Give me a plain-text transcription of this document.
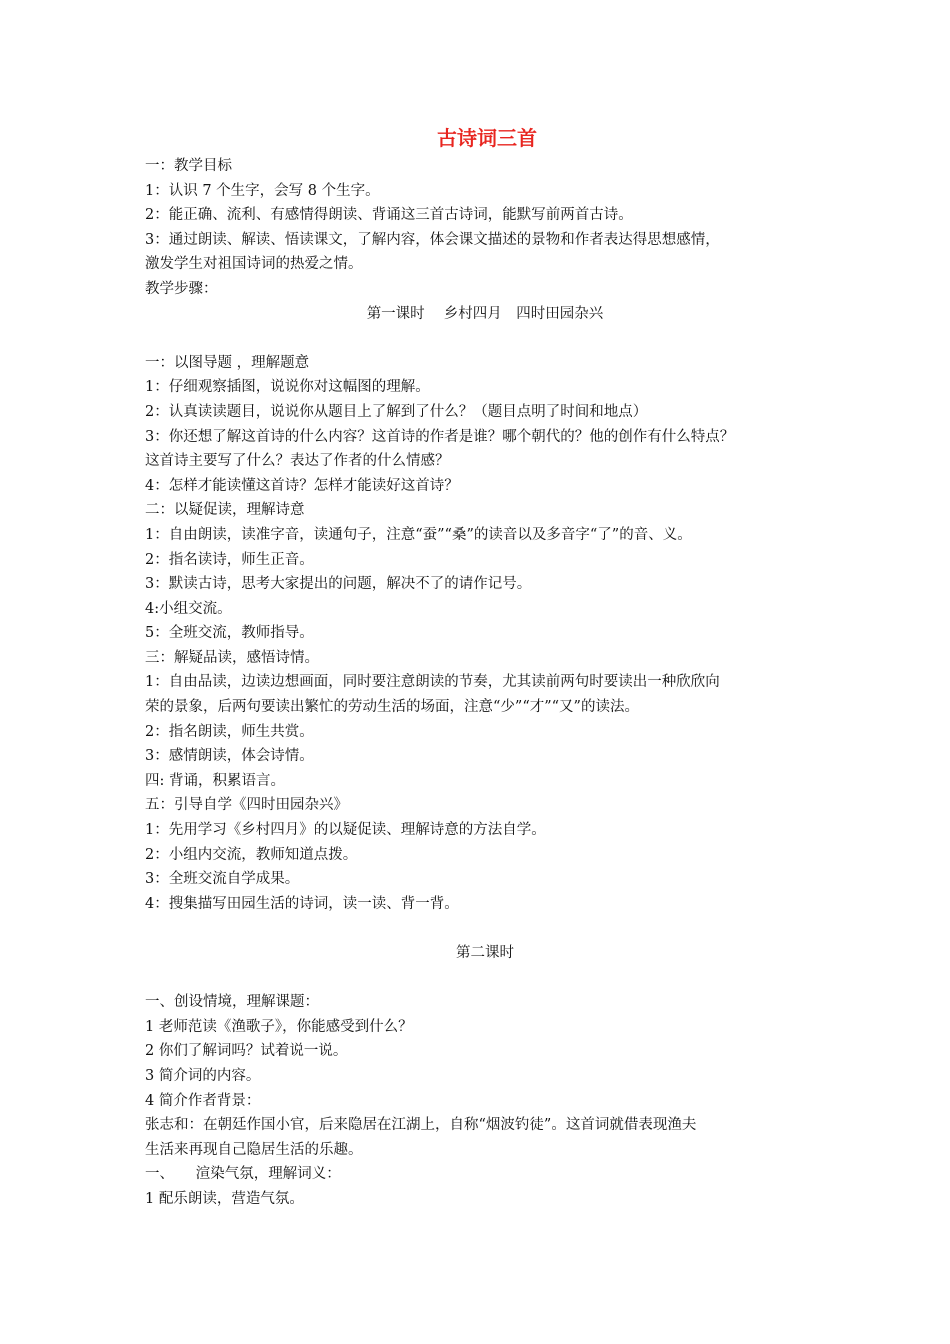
古诗词三首
一：教学目标
1：认识 7 个生字，会写 8 个生字。
2：能正确、流利、有感情得朗读、背诵这三首古诗词，能默写前两首古诗。
3：通过朗读、解读、悟读课文，了解内容，体会课文描述的景物和作者表达得思想感情，
激发学生对祖国诗词的热爱之情。
教学步骤：
第一课时　 乡村四月　四时田园杂兴
一：以图导题 ，理解题意
1：仔细观察插图，说说你对这幅图的理解。
2：认真读读题目，说说你从题目上了解到了什么？（题目点明了时间和地点）
3：你还想了解这首诗的什么内容？这首诗的作者是谁？哪个朝代的？他的创作有什么特点？
这首诗主要写了什么？表达了作者的什么情感？
4：怎样才能读懂这首诗？怎样才能读好这首诗？
二：以疑促读，理解诗意
1：自由朗读，读准字音，读通句子，注意“蚕”“桑”的读音以及多音字“了”的音、义。
2：指名读诗，师生正音。
3：默读古诗，思考大家提出的问题，解决不了的请作记号。
4:小组交流。
5：全班交流，教师指导。
三：解疑品读，感悟诗情。
1：自由品读，边读边想画面，同时要注意朗读的节奏，尤其读前两句时要读出一种欣欣向
荣的景象，后两句要读出繁忙的劳动生活的场面，注意“少”“才”“又”的读法。
2：指名朗读，师生共赏。
3：感情朗读，体会诗情。
四: 背诵，积累语言。
五：引导自学《四时田园杂兴》
1：先用学习《乡村四月》的以疑促读、理解诗意的方法自学。
2：小组内交流，教师知道点拨。
3：全班交流自学成果。
4：搜集描写田园生活的诗词，读一读、背一背。
第二课时
一、创设情境，理解课题：
1 老师范读《渔歌子》，你能感受到什么？
2 你们了解词吗？试着说一说。
3 简介词的内容。
4 简介作者背景：
张志和：在朝廷作国小官，后来隐居在江湖上，自称“烟波钓徒”。这首词就借表现渔夫
生活来再现自己隐居生活的乐趣。
一、　　渲染气氛，理解词义：
1 配乐朗读，营造气氛。
